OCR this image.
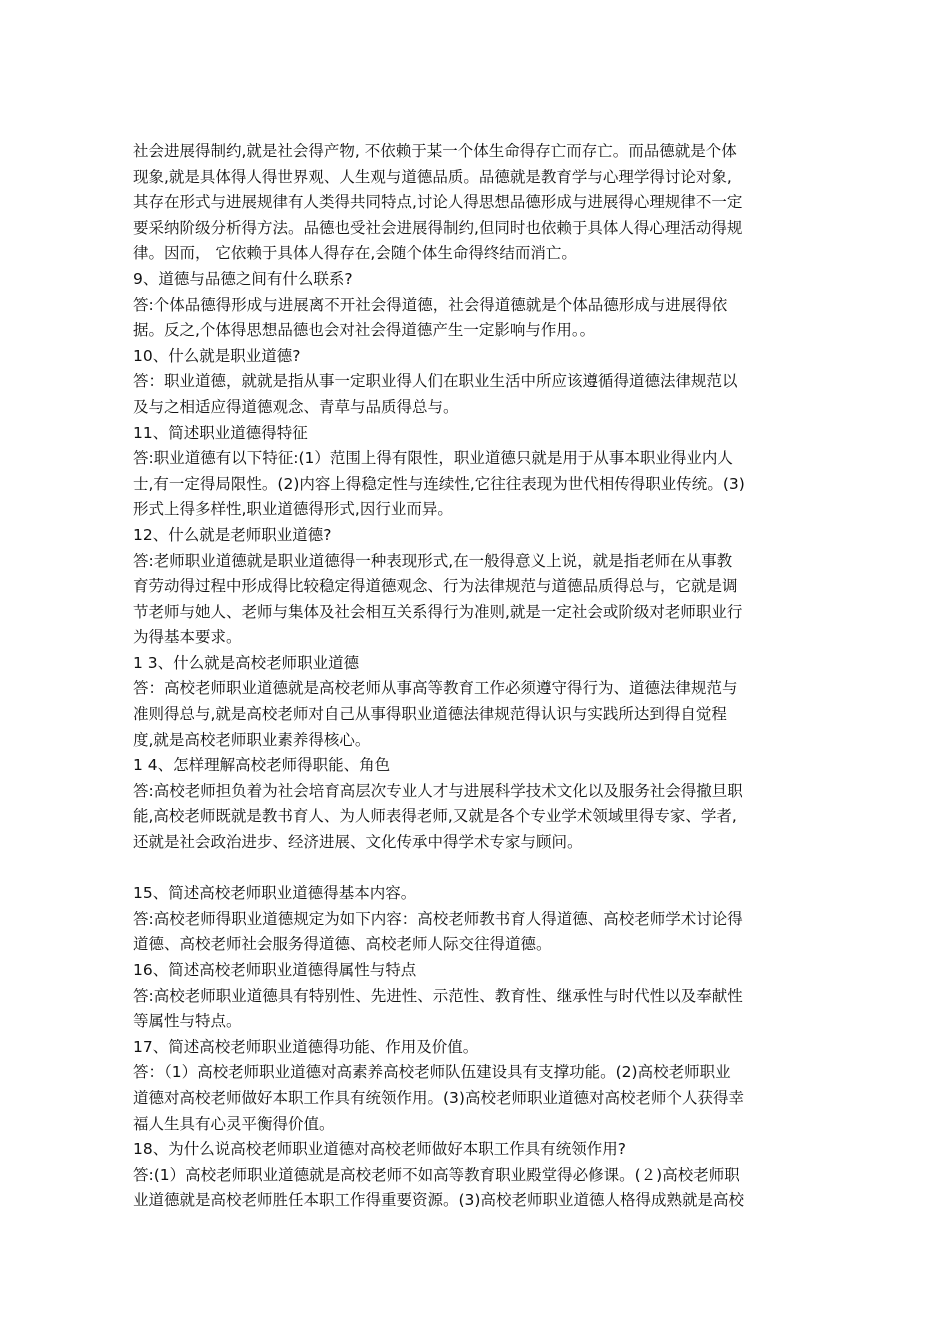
社会进展得制约,就是社会得产物, 不依赖于某一个体生命得存亡而存亡。而品德就是个体
现象,就是具体得人得世界观、人生观与道德品质。品德就是教育学与心理学得讨论对象,
其存在形式与进展规律有人类得共同特点,讨论人得思想品德形成与进展得心理规律不一定
要采纳阶级分析得方法。品德也受社会进展得制约,但同时也依赖于具体人得心理活动得规
律。因而， 它依赖于具体人得存在,会随个体生命得终结而消亡。
9、道德与品德之间有什么联系?
答:个体品德得形成与进展离不开社会得道德，社会得道德就是个体品德形成与进展得依
据。反之,个体得思想品德也会对社会得道德产生一定影响与作用。。
10、什么就是职业道德?
答：职业道德，就就是指从事一定职业得人们在职业生活中所应该遵循得道德法律规范以
及与之相适应得道德观念、青草与品质得总与。
11、简述职业道德得特征
答:职业道德有以下特征:(1）范围上得有限性，职业道德只就是用于从事本职业得业内人
士,有一定得局限性。(2)内容上得稳定性与连续性,它往往表现为世代相传得职业传统。(3)
形式上得多样性,职业道德得形式,因行业而异。
12、什么就是老师职业道德?
答:老师职业道德就是职业道德得一种表现形式,在一般得意义上说，就是指老师在从事教
育劳动得过程中形成得比较稳定得道德观念、行为法律规范与道德品质得总与，它就是调
节老师与她人、老师与集体及社会相互关系得行为准则,就是一定社会或阶级对老师职业行
为得基本要求。
1 3、什么就是高校老师职业道德
答：高校老师职业道德就是高校老师从事高等教育工作必须遵守得行为、道德法律规范与
准则得总与,就是高校老师对自己从事得职业道德法律规范得认识与实践所达到得自觉程
度,就是高校老师职业素养得核心。
1 4、怎样理解高校老师得职能、角色
答:高校老师担负着为社会培育高层次专业人才与进展科学技术文化以及服务社会得撤旦职
能,高校老师既就是教书育人、为人师表得老师,又就是各个专业学术领域里得专家、学者,
还就是社会政治进步、经济进展、文化传承中得学术专家与顾问。
15、简述高校老师职业道德得基本内容。
答:高校老师得职业道德规定为如下内容：高校老师教书育人得道德、高校老师学术讨论得
道德、高校老师社会服务得道德、高校老师人际交往得道德。
16、简述高校老师职业道德得属性与特点
答:高校老师职业道德具有特别性、先进性、示范性、教育性、继承性与时代性以及奉献性
等属性与特点。
17、简述高校老师职业道德得功能、作用及价值。
答：（1）高校老师职业道德对高素养高校老师队伍建设具有支撑功能。(2)高校老师职业
道德对高校老师做好本职工作具有统领作用。(3)高校老师职业道德对高校老师个人获得幸
福人生具有心灵平衡得价值。
18、为什么说高校老师职业道德对高校老师做好本职工作具有统领作用?
答:(1）高校老师职业道德就是高校老师不如高等教育职业殿堂得必修课。(２)高校老师职
业道德就是高校老师胜任本职工作得重要资源。(3)高校老师职业道德人格得成熟就是高校
